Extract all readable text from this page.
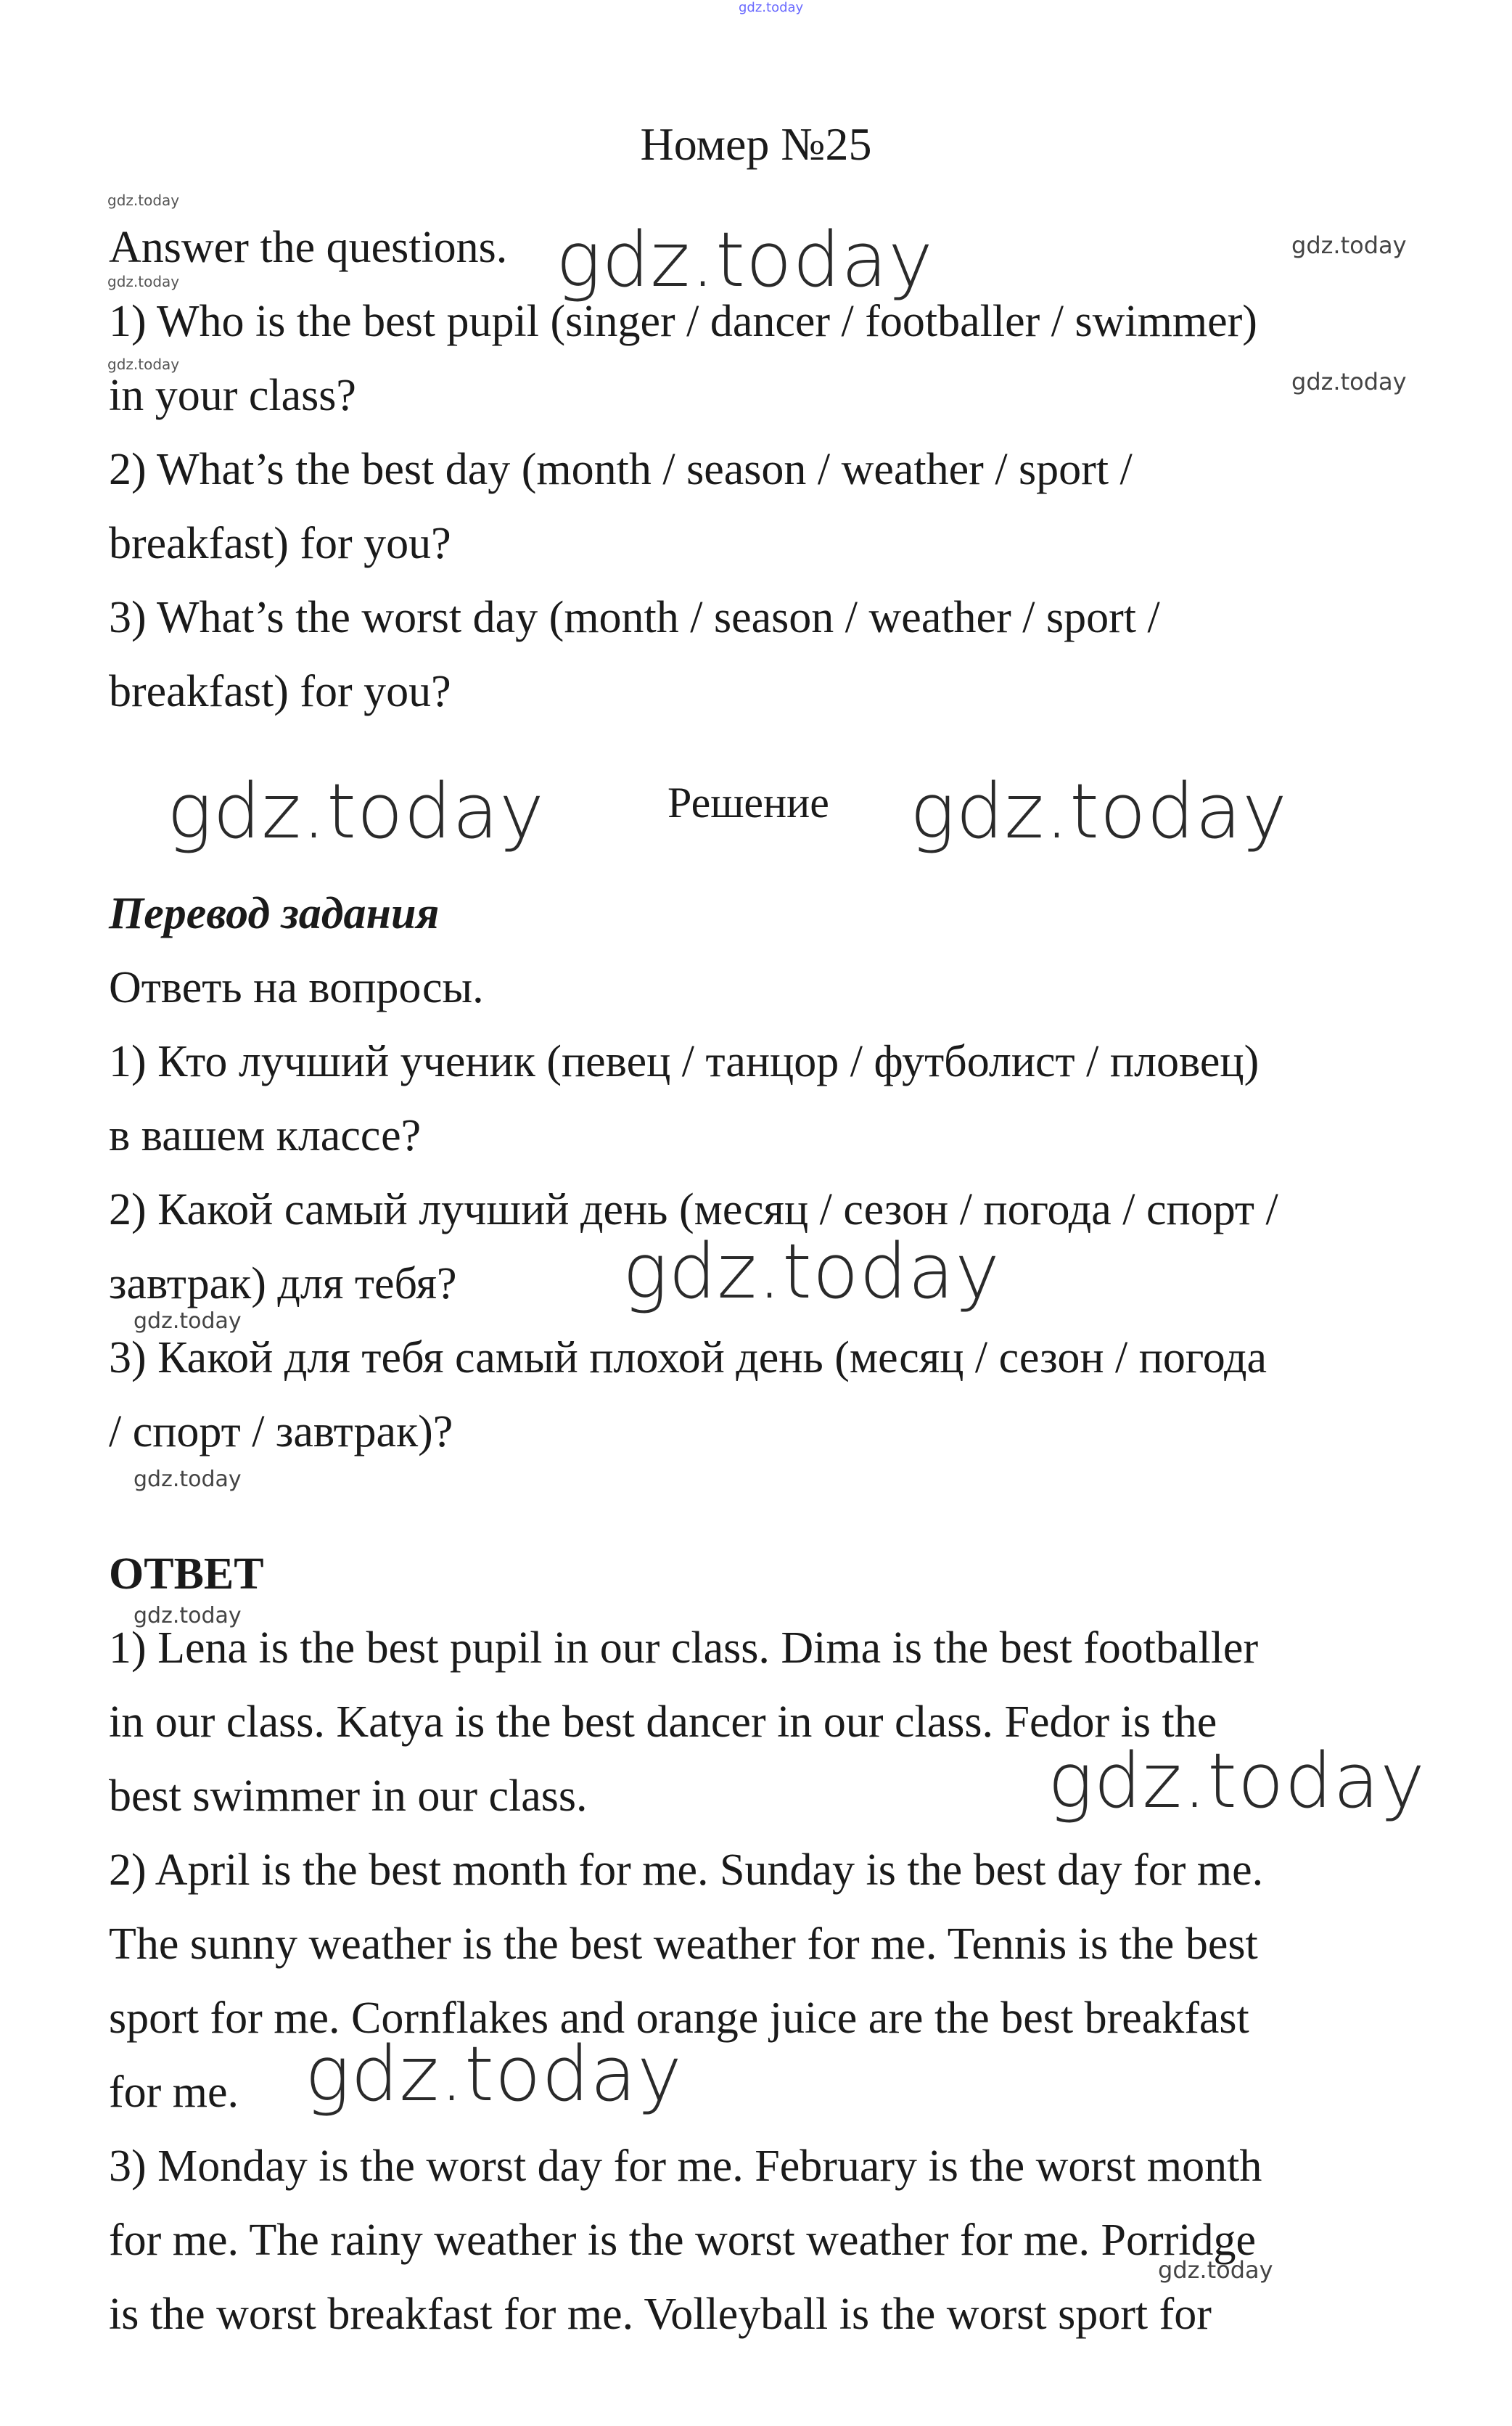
gdz.today
Номер №25
Answer the questions.
1) Who is the best pupil (singer / dancer / footballer / swimmer)
in your class?
2) What’s the best day (month / season / weather / sport /
breakfast) for you?
3) What’s the worst day (month / season / weather / sport /
breakfast) for you?
Решение
Перевод задания
Ответь на вопросы.
1) Кто лучший ученик (певец / танцор / футболист / пловец)
в вашем классе?
2) Какой самый лучший день (месяц / сезон / погода / спорт /
завтрак) для тебя?
3) Какой для тебя самый плохой день (месяц / сезон / погода
/ спорт / завтрак)?
ОТВЕТ
1) Lena is the best pupil in our class. Dima is the best footballer
in our class. Katya is the best dancer in our class. Fedor is the
best swimmer in our class.
2) April is the best month for me. Sunday is the best day for me.
The sunny weather is the best weather for me. Tennis is the best
sport for me. Cornflakes and orange juice are the best breakfast
for me.
3) Monday is the worst day for me. February is the worst month
for me. The rainy weather is the worst weather for me. Porridge
is the worst breakfast for me. Volleyball is the worst sport for
gdz.today
gdz.today	gdz.today
gdz.today
gdz.today
gdz.today
gdz.today
gdz.today
gdz.today
gdz.today
gdz.today
gdz.today
gdz.today
gdz.today
gdz.today
